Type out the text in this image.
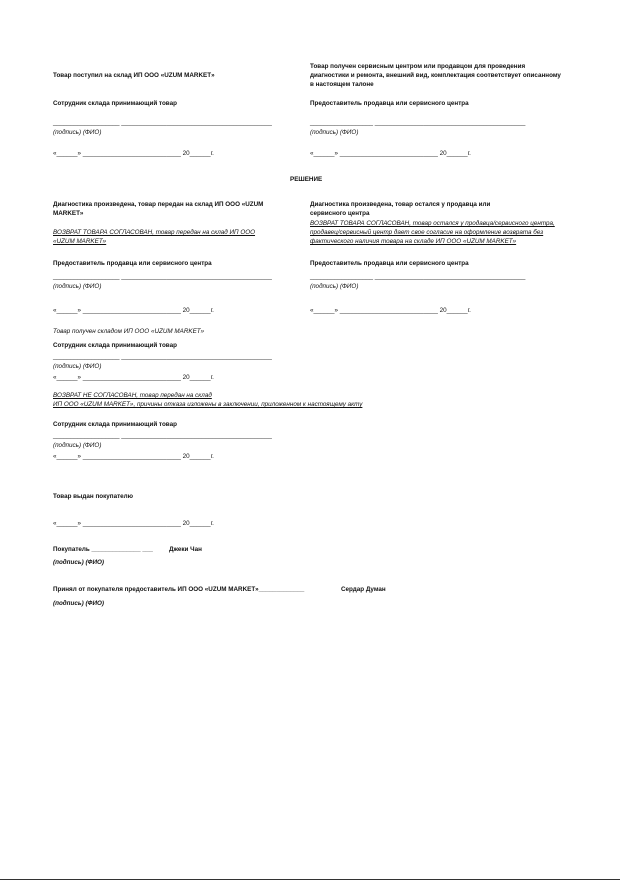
Товар поступил на склад ИП ООО «UZUM MARKET»

Товар получен сервисным центром или продавцом для проведения диагностики и ремонта, внешний вид, комплектация соответствует описанному в настоящем талоне

Сотрудник склада принимающий товар	Предоставитель продавца или сервисного центра

___________________ ___________________________________________	__________________ ___________________________________________

(подпись) (ФИО)	(подпись) (ФИО)

«______» ____________________________ 20______г.	«______» ____________________________ 20______г.

РЕШЕНИЕ

Диагностика произведена, товар передан на склад ИП ООО «UZUM MARKET»

Диагностика произведена, товар остался у продавца или сервисного центра

ВОЗВРАТ ТОВАРА СОГЛАСОВАН, товар передан на склад ИП ООО «UZUM MARKET»

ВОЗВРАТ ТОВАРА СОГЛАСОВАН, товар остался у продавца/сервисного центра, продавец/сервисный центр дает свое согласие на оформление возврата без фактического наличия товара на складе ИП ООО «UZUM MARKET»

Предоставитель продавца или сервисного центра	Предоставитель продавца или сервисного центра

___________________ ___________________________________________	__________________ ___________________________________________

(подпись) (ФИО)	(подпись) (ФИО)

«______» ____________________________ 20______г.	«______» ____________________________ 20______г.

Товар получен складом ИП ООО «UZUM MARKET»

Сотрудник склада принимающий товар

___________________ ___________________________________________

(подпись) (ФИО)

«______» ____________________________ 20______г.

ВОЗВРАТ НЕ СОГЛАСОВАН, товар передан на склад

ИП ООО «UZUM MARKET», причины отказа изложены в заключении, приложенном к настоящему акту

Сотрудник склада принимающий товар

___________________ ___________________________________________

(подпись) (ФИО)

«______» ____________________________ 20______г.

Товар выдан покупателю

«______» ____________________________ 20______г.

Покупатель ______________ ___	Джеки Чан

(подпись) (ФИО)

Принял от покупателя предоставитель ИП ООО «UZUM MARKET»_____________	Сердар Думан

(подпись) (ФИО)
